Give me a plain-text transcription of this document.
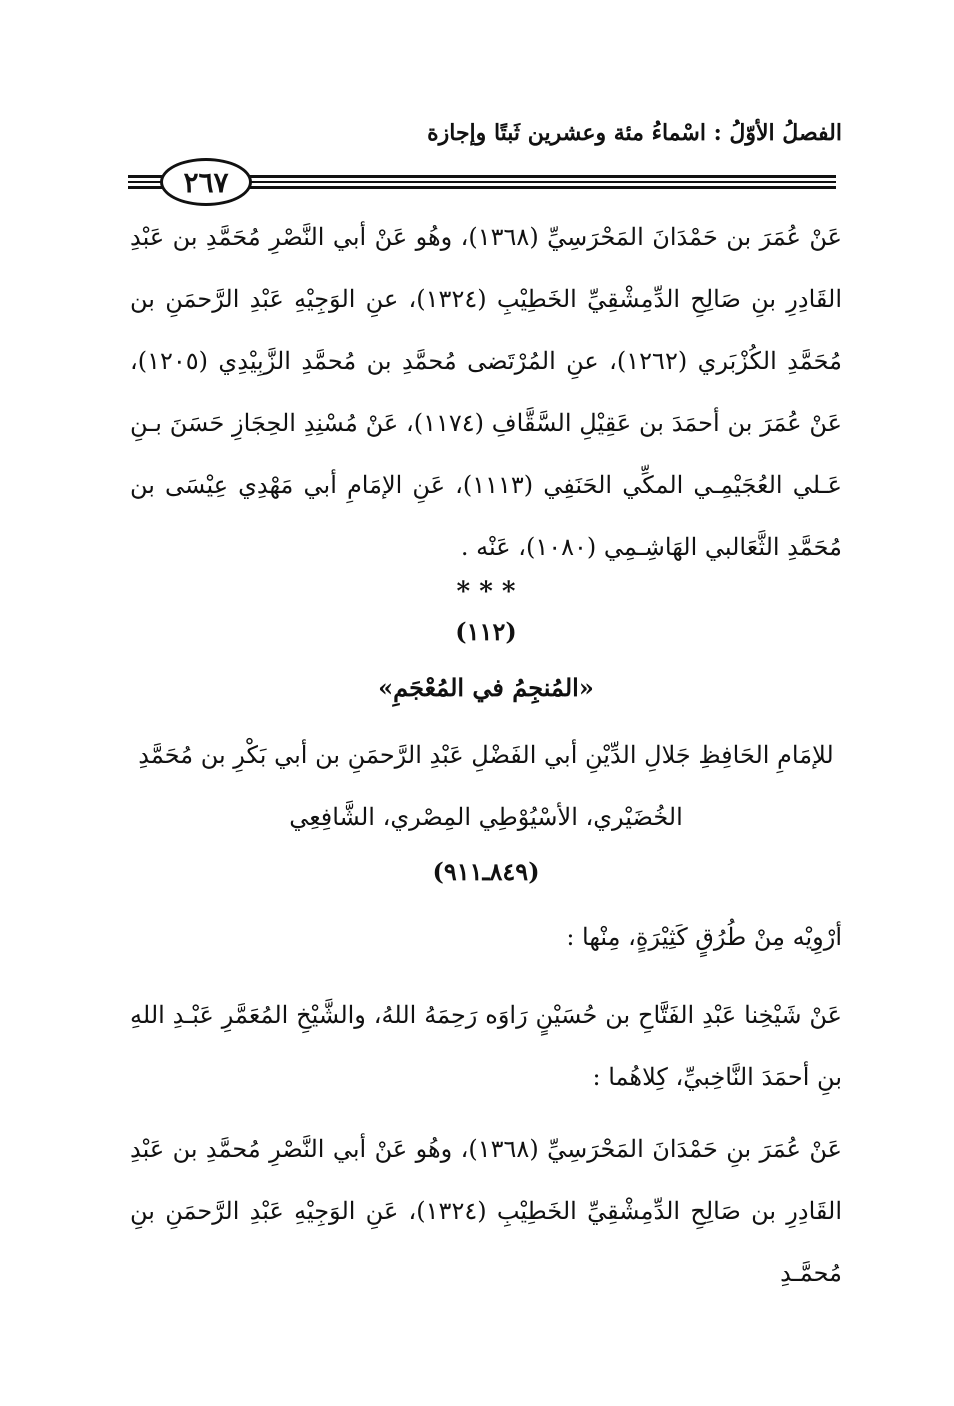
الفصلُ الأوّلُ : اسْماءُ مئة وعشرين ثَبتًا وإجازة
٢٦٧

عَنْ عُمَرَ بن حَمْدَانَ المَحْرَسِيِّ (١٣٦٨)، وهُو عَنْ أبي النَّصْرِ مُحَمَّدِ بن عَبْدِ القَادِرِ بنِ صَالِحِ الدِّمِشْقِيِّ الخَطِيْبِ (١٣٢٤)، عنِ الوَجِيْهِ عَبْدِ الرَّحمَنِ بن مُحَمَّدِ الكُزْبَري (١٢٦٢)، عنِ المُرْتَضى مُحمَّدِ بن مُحمَّدِ الزَّبِيْدِي (١٢٠٥)، عَنْ عُمَرَ بن أحمَدَ بن عَقِيْلِ السَّقَّافِ (١١٧٤)، عَنْ مُسْنِدِ الحِجَازِ حَسَنَ بـنِ عَـلي العُجَيْمِـي المكِّي الحَنَفِي (١١١٣)، عَنِ الإمَامِ أبي مَهْدِي عِيْسَى بن مُحَمَّدِ الثَّعَالبي الهَاشِـمِي (١٠٨٠)، عَنْه .

* * *
(١١٢)
«المُنجِمُ في المُعْجَمِ»
للإمَامِ الحَافِظِ جَلالِ الدِّيْنِ أبي الفَضْلِ عَبْدِ الرَّحمَنِ بن أبي بَكْرِ بن مُحَمَّدِ الخُضَيْري، الأسْيُوْطِي المِصْري، الشَّافِعِي
(٨٤٩ـ٩١١)

أرْوِيْه مِنْ طُرُقٍ كَثِيْرَةٍ، مِنْها :

عَنْ شَيْخِنا عَبْدِ الفَتَّاحِ بن حُسَيْنٍ رَاوَه رَحِمَهُ اللهُ، والشَّيْخِ المُعَمَّرِ عَبْـدِ اللهِ بنِ أحمَدَ النَّاخِبيِّ، كِلاهُما :

عَنْ عُمَرَ بنِ حَمْدَانَ المَحْرَسِيِّ (١٣٦٨)، وهُو عَنْ أبي النَّصْرِ مُحمَّدِ بن عَبْدِ القَادِرِ بن صَالِحِ الدِّمِشْقِيِّ الخَطِيْبِ (١٣٢٤)، عَنِ الوَجِيْهِ عَبْدِ الرَّحمَنِ بنِ مُحمَّـدِ
